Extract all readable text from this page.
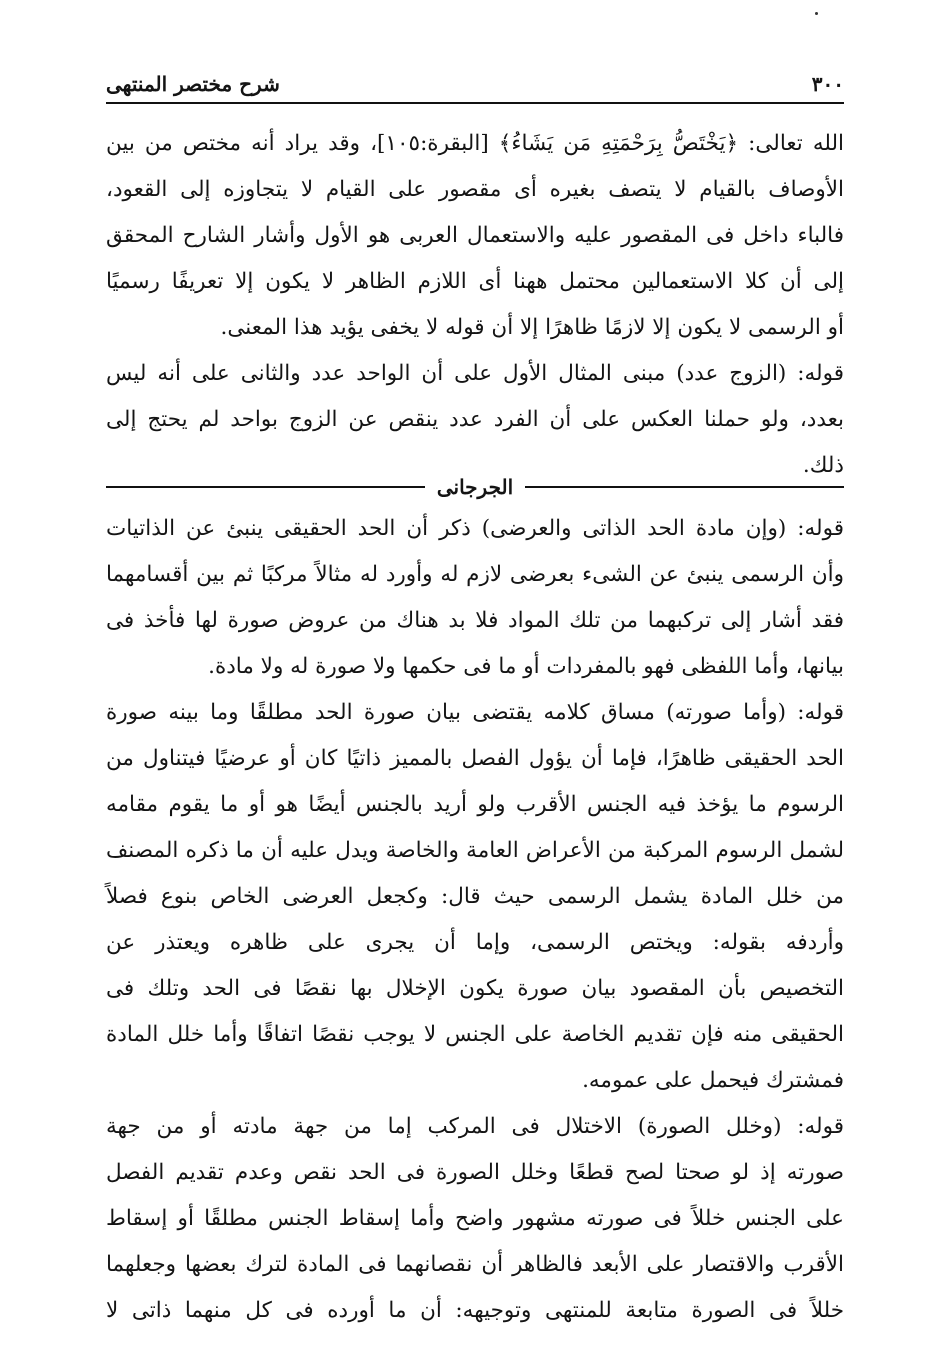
٣٠٠
شرح مختصر المنتهى
الله تعالى: ﴿يَخْتَصُّ بِرَحْمَتِهِ مَن يَشَاءُ﴾ [البقرة:١٠٥]، وقد يراد أنه مختص من بين
الأوصاف بالقيام لا يتصف بغيره أى مقصور على القيام لا يتجاوزه إلى القعود،
فالباء داخل فى المقصور عليه والاستعمال العربى هو الأول وأشار الشارح المحقق
إلى أن كلا الاستعمالين محتمل ههنا أى اللازم الظاهر لا يكون إلا تعريفًا رسميًا
أو الرسمى لا يكون إلا لازمًا ظاهرًا إلا أن قوله لا يخفى يؤيد هذا المعنى.
قوله: (الزوج عدد) مبنى المثال الأول على أن الواحد عدد والثانى على أنه ليس
بعدد، ولو حملنا العكس على أن الفرد عدد ينقص عن الزوج بواحد لم يحتج إلى
ذلك.
الجرجانى
قوله: (وإن مادة الحد الذاتى والعرضى) ذكر أن الحد الحقيقى ينبئ عن الذاتيات
وأن الرسمى ينبئ عن الشىء بعرضى لازم له وأورد له مثالاً مركبًا ثم بين أقسامهما
فقد أشار إلى تركبهما من تلك المواد فلا بد هناك من عروض صورة لها فأخذ فى
بيانها، وأما اللفظى فهو بالمفردات أو ما فى حكمها ولا صورة له ولا مادة.
قوله: (وأما صورته) مساق كلامه يقتضى بيان صورة الحد مطلقًا وما بينه صورة
الحد الحقيقى ظاهرًا، فإما أن يؤول الفصل بالمميز ذاتيًا كان أو عرضيًا فيتناول من
الرسوم ما يؤخذ فيه الجنس الأقرب ولو أريد بالجنس أيضًا هو أو ما يقوم مقامه
لشمل الرسوم المركبة من الأعراض العامة والخاصة ويدل عليه أن ما ذكره المصنف
من خلل المادة يشمل الرسمى حيث قال: وكجعل العرضى الخاص بنوع فصلاً
وأردفه بقوله: ويختص الرسمى، وإما أن يجرى على ظاهره ويعتذر عن
التخصيص بأن المقصود بيان صورة يكون الإخلال بها نقصًا فى الحد وتلك فى
الحقيقى منه فإن تقديم الخاصة على الجنس لا يوجب نقصًا اتفاقًا وأما خلل المادة
فمشترك فيحمل على عمومه.
قوله: (وخلل الصورة) الاختلال فى المركب إما من جهة مادته أو من جهة
صورته إذ لو صحتا لصح قطعًا وخلل الصورة فى الحد نقص وعدم تقديم الفصل
على الجنس خللاً فى صورته مشهور واضح وأما إسقاط الجنس مطلقًا أو إسقاط
الأقرب والاقتصار على الأبعد فالظاهر أن نقصانهما فى المادة لترك بعضها وجعلهما
خللاً فى الصورة متابعة للمنتهى وتوجيهه: أن ما أورده فى كل منهما ذاتى لا
